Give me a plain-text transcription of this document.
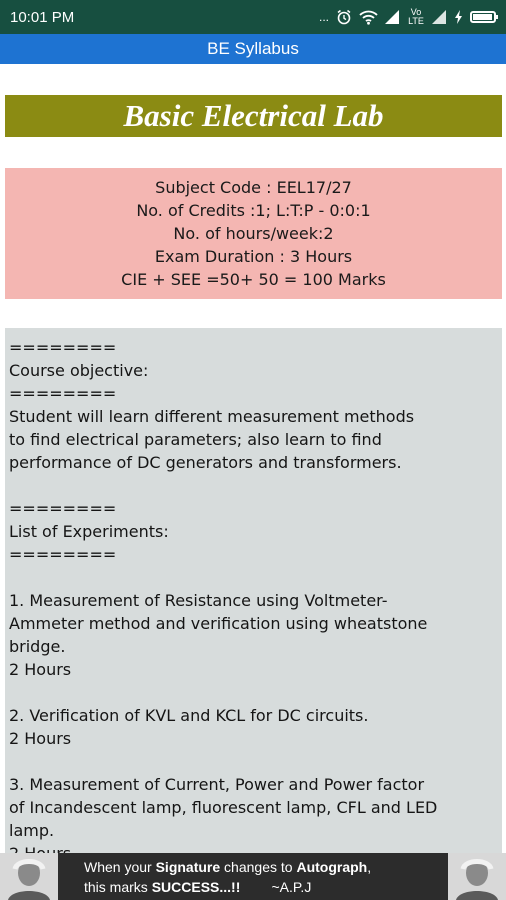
10:01 PM	...	Vo LTE
BE Syllabus
Basic Electrical Lab
Subject Code : EEL17/27
No. of Credits :1; L:T:P - 0:0:1
No. of hours/week:2
Exam Duration : 3 Hours
CIE + SEE =50+ 50 = 100 Marks
========
Course objective:
========
Student will learn different measurement methods
to find electrical parameters; also learn to find
performance of DC generators and transformers.
========
List of Experiments:
========
1. Measurement of Resistance using Voltmeter-
Ammeter method and verification using wheatstone
bridge.
2 Hours
2. Verification of KVL and KCL for DC circuits.
2 Hours
3. Measurement of Current, Power and Power factor
of Incandescent lamp, fluorescent lamp, CFL and LED
lamp.
When your Signature changes to Autograph,
this marks SUCCESS...!!        ~A.P.J
